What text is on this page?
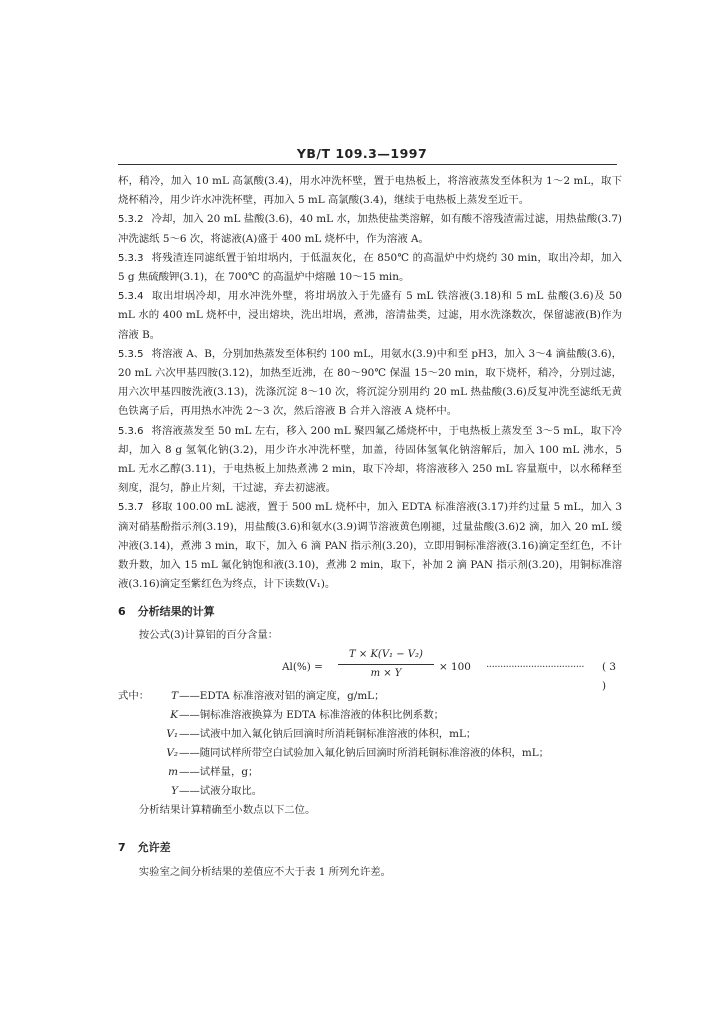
YB/T 109.3—1997

杯，稍冷，加入 10 mL 高氯酸(3.4)，用水冲洗杯壁，置于电热板上，将溶液蒸发至体积为 1～2 mL，取下烧杯稍冷，用少许水冲洗杯壁，再加入 5 mL 高氯酸(3.4)，继续于电热板上蒸发至近干。

5.3.2 冷却，加入 20 mL 盐酸(3.6)，40 mL 水，加热使盐类溶解，如有酸不溶残渣需过滤，用热盐酸(3.7)冲洗滤纸 5～6 次，将滤液(A)盛于 400 mL 烧杯中，作为溶液 A。

5.3.3 将残渣连同滤纸置于铂坩埚内，于低温灰化，在 850℃ 的高温炉中灼烧约 30 min，取出冷却，加入 5 g 焦硫酸钾(3.1)，在 700℃ 的高温炉中熔融 10～15 min。

5.3.4 取出坩埚冷却，用水冲洗外壁，将坩埚放入于先盛有 5 mL 铁溶液(3.18)和 5 mL 盐酸(3.6)及 50 mL 水的 400 mL 烧杯中，浸出熔块，洗出坩埚，煮沸，溶清盐类，过滤，用水洗涤数次，保留滤液(B)作为溶液 B。

5.3.5 将溶液 A、B，分别加热蒸发至体积约 100 mL，用氨水(3.9)中和至 pH3，加入 3～4 滴盐酸(3.6)，20 mL 六次甲基四胺(3.12)，加热至近沸，在 80～90℃ 保温 15～20 min，取下烧杯，稍冷，分别过滤，用六次甲基四胺洗液(3.13)，洗涤沉淀 8～10 次，将沉淀分别用约 20 mL 热盐酸(3.6)反复冲洗至滤纸无黄色铁离子后，再用热水冲洗 2～3 次，然后溶液 B 合并入溶液 A 烧杯中。

5.3.6 将溶液蒸发至 50 mL 左右，移入 200 mL 聚四氟乙烯烧杯中，于电热板上蒸发至 3～5 mL，取下冷却，加入 8 g 氢氧化钠(3.2)，用少许水冲洗杯壁，加盖，待固体氢氧化钠溶解后，加入 100 mL 沸水，5 mL 无水乙醇(3.11)，于电热板上加热煮沸 2 min，取下冷却，将溶液移入 250 mL 容量瓶中，以水稀释至刻度，混匀，静止片刻，干过滤，弃去初滤液。

5.3.7 移取 100.00 mL 滤液，置于 500 mL 烧杯中，加入 EDTA 标准溶液(3.17)并约过量 5 mL，加入 3 滴对硝基酚指示剂(3.19)，用盐酸(3.6)和氨水(3.9)调节溶液黄色刚褪，过量盐酸(3.6)2 滴，加入 20 mL 缓冲液(3.14)，煮沸 3 min，取下，加入 6 滴 PAN 指示剂(3.20)，立即用铜标准溶液(3.16)滴定至红色，不计数升数，加入 15 mL 氟化钠饱和液(3.10)，煮沸 2 min，取下，补加 2 滴 PAN 指示剂(3.20)，用铜标准溶液(3.16)滴定至紫红色为终点，计下读数(V₁)。

6 分析结果的计算

按公式(3)计算铝的百分含量：

Al(%) =
T × K(V₁ − V₂)
m × Y
× 100 ··································· ( 3 )
式中：	T ——EDTA 标准溶液对铝的滴定度，g/mL；
K ——铜标准溶液换算为 EDTA 标准溶液的体积比例系数；
V₁ ——试液中加入氟化钠后回滴时所消耗铜标准溶液的体积，mL；
V₂ ——随同试样所带空白试验加入氟化钠后回滴时所消耗铜标准溶液的体积，mL；
m ——试样量，g；
Y ——试液分取比。

分析结果计算精确至小数点以下二位。

7 允许差

实验室之间分析结果的差值应不大于表 1 所列允许差。
